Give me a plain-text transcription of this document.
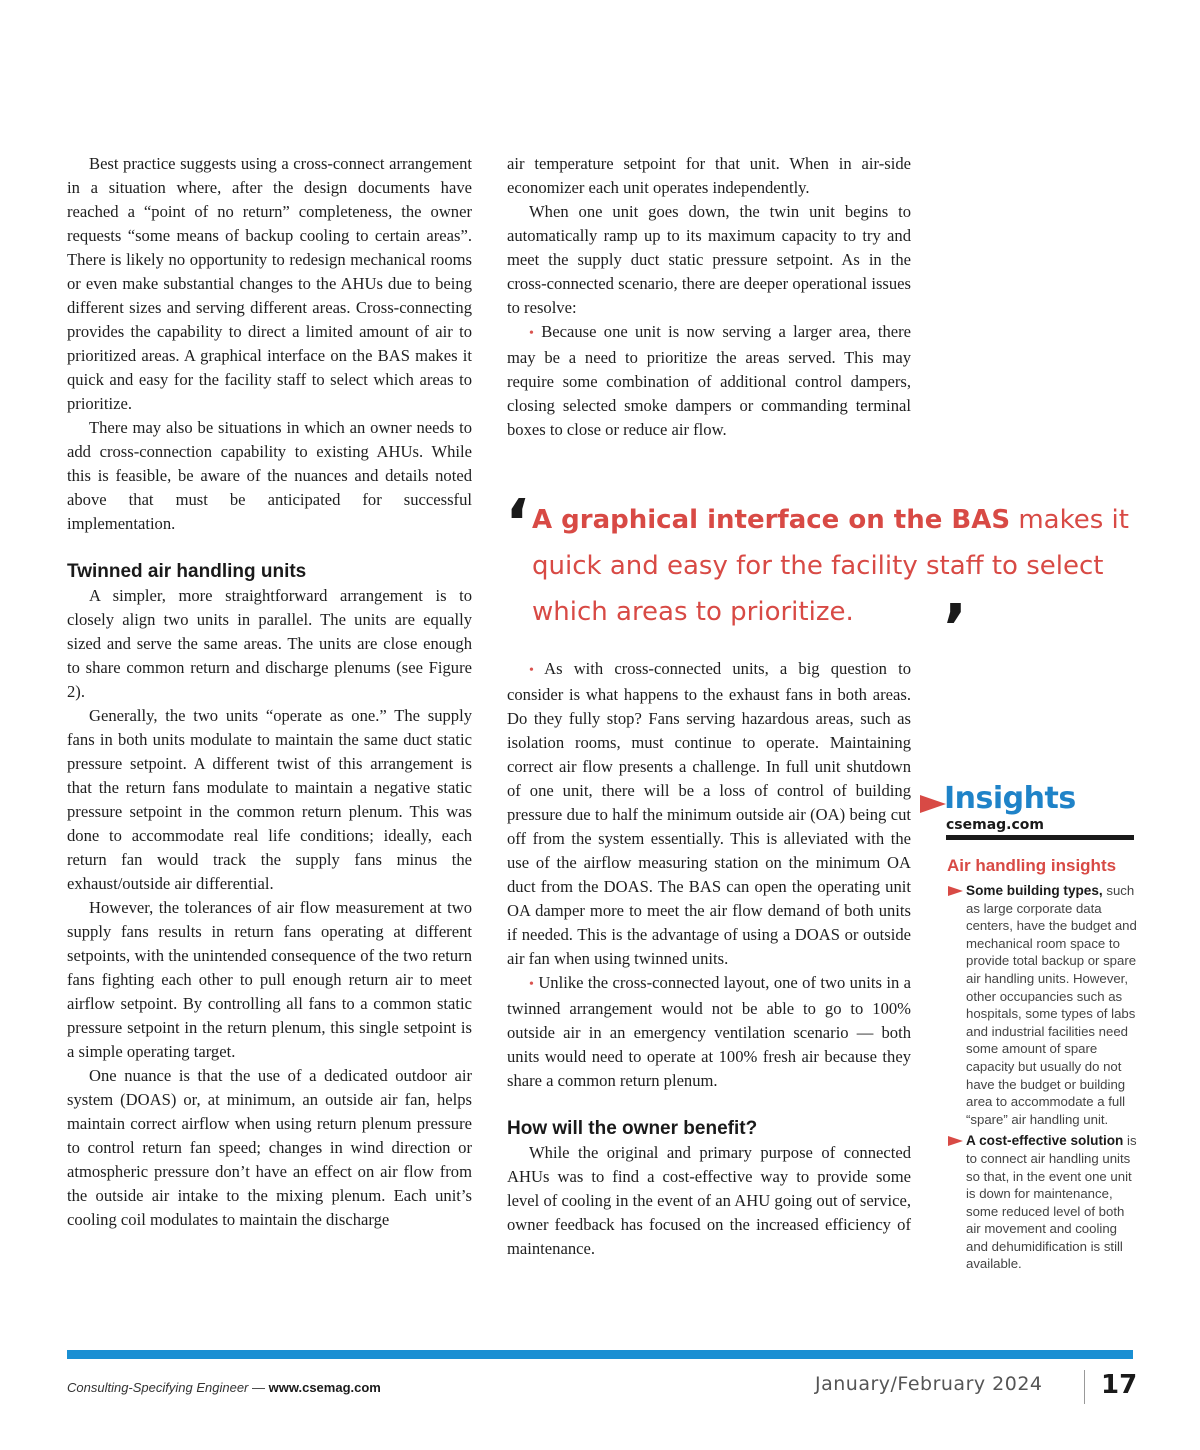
Best practice suggests using a cross-connect arrangement in a situation where, after the design documents have reached a “point of no return” completeness, the owner requests “some means of backup cooling to certain areas”. There is likely no opportunity to redesign mechanical rooms or even make substantial changes to the AHUs due to being different sizes and serving different areas. Cross-connecting provides the capability to direct a limited amount of air to prioritized areas. A graphical interface on the BAS makes it quick and easy for the facility staff to select which areas to prioritize.

There may also be situations in which an owner needs to add cross-connection capability to existing AHUs. While this is feasible, be aware of the nuances and details noted above that must be anticipated for successful implementation.

Twinned air handling units

A simpler, more straightforward arrangement is to closely align two units in parallel. The units are equally sized and serve the same areas. The units are close enough to share common return and discharge plenums (see Figure 2).

Generally, the two units “operate as one.” The supply fans in both units modulate to maintain the same duct static pressure setpoint. A different twist of this arrangement is that the return fans modulate to maintain a negative static pressure setpoint in the common return plenum. This was done to accommodate real life conditions; ideally, each return fan would track the supply fans minus the exhaust/outside air differential.

However, the tolerances of air flow measurement at two supply fans results in return fans operating at different setpoints, with the unintended consequence of the two return fans fighting each other to pull enough return air to meet airflow setpoint. By controlling all fans to a common static pressure setpoint in the return plenum, this single setpoint is a simple operating target.

One nuance is that the use of a dedicated outdoor air system (DOAS) or, at minimum, an outside air fan, helps maintain correct airflow when using return plenum pressure to control return fan speed; changes in wind direction or atmospheric pressure don’t have an effect on air flow from the outside air intake to the mixing plenum. Each unit’s cooling coil modulates to maintain the discharge

air temperature setpoint for that unit. When in air-side economizer each unit operates independently.

When one unit goes down, the twin unit begins to automatically ramp up to its maximum capacity to try and meet the supply duct static pressure setpoint. As in the cross-connected scenario, there are deeper operational issues to resolve:

• Because one unit is now serving a larger area, there may be a need to prioritize the areas served. This may require some combination of additional control dampers, closing selected smoke dampers or commanding terminal boxes to close or reduce air flow.

‘ A graphical interface on the BAS makes it quick and easy for the facility staff to select which areas to prioritize.	’

• As with cross-connected units, a big question to consider is what happens to the exhaust fans in both areas. Do they fully stop? Fans serving hazardous areas, such as isolation rooms, must continue to operate. Maintaining correct air flow presents a challenge. In full unit shutdown of one unit, there will be a loss of control of building pressure due to half the minimum outside air (OA) being cut off from the system essentially. This is alleviated with the use of the airflow measuring station on the minimum OA duct from the DOAS. The BAS can open the operating unit OA damper more to meet the air flow demand of both units if needed. This is the advantage of using a DOAS or outside air fan when using twinned units.

• Unlike the cross-connected layout, one of two units in a twinned arrangement would not be able to go to 100% outside air in an emergency ventilation scenario — both units would need to operate at 100% fresh air because they share a common return plenum.

How will the owner benefit?

While the original and primary purpose of connected AHUs was to find a cost-effective way to provide some level of cooling in the event of an AHU going out of service, owner feedback has focused on the increased efficiency of maintenance.

Insights
csemag.com
Air handling insights
Some building types, such as large corporate data centers, have the budget and mechanical room space to provide total backup or spare air handling units. However, other occupancies such as hospitals, some types of labs and industrial facilities need some amount of spare capacity but usually do not have the budget or building area to accommodate a full “spare” air handling unit.
A cost-effective solution is to connect air handling units so that, in the event one unit is down for maintenance, some reduced level of both air movement and cooling and dehumidification is still available.
Consulting-Specifying Engineer — www.csemag.com	January/February 2024 17
